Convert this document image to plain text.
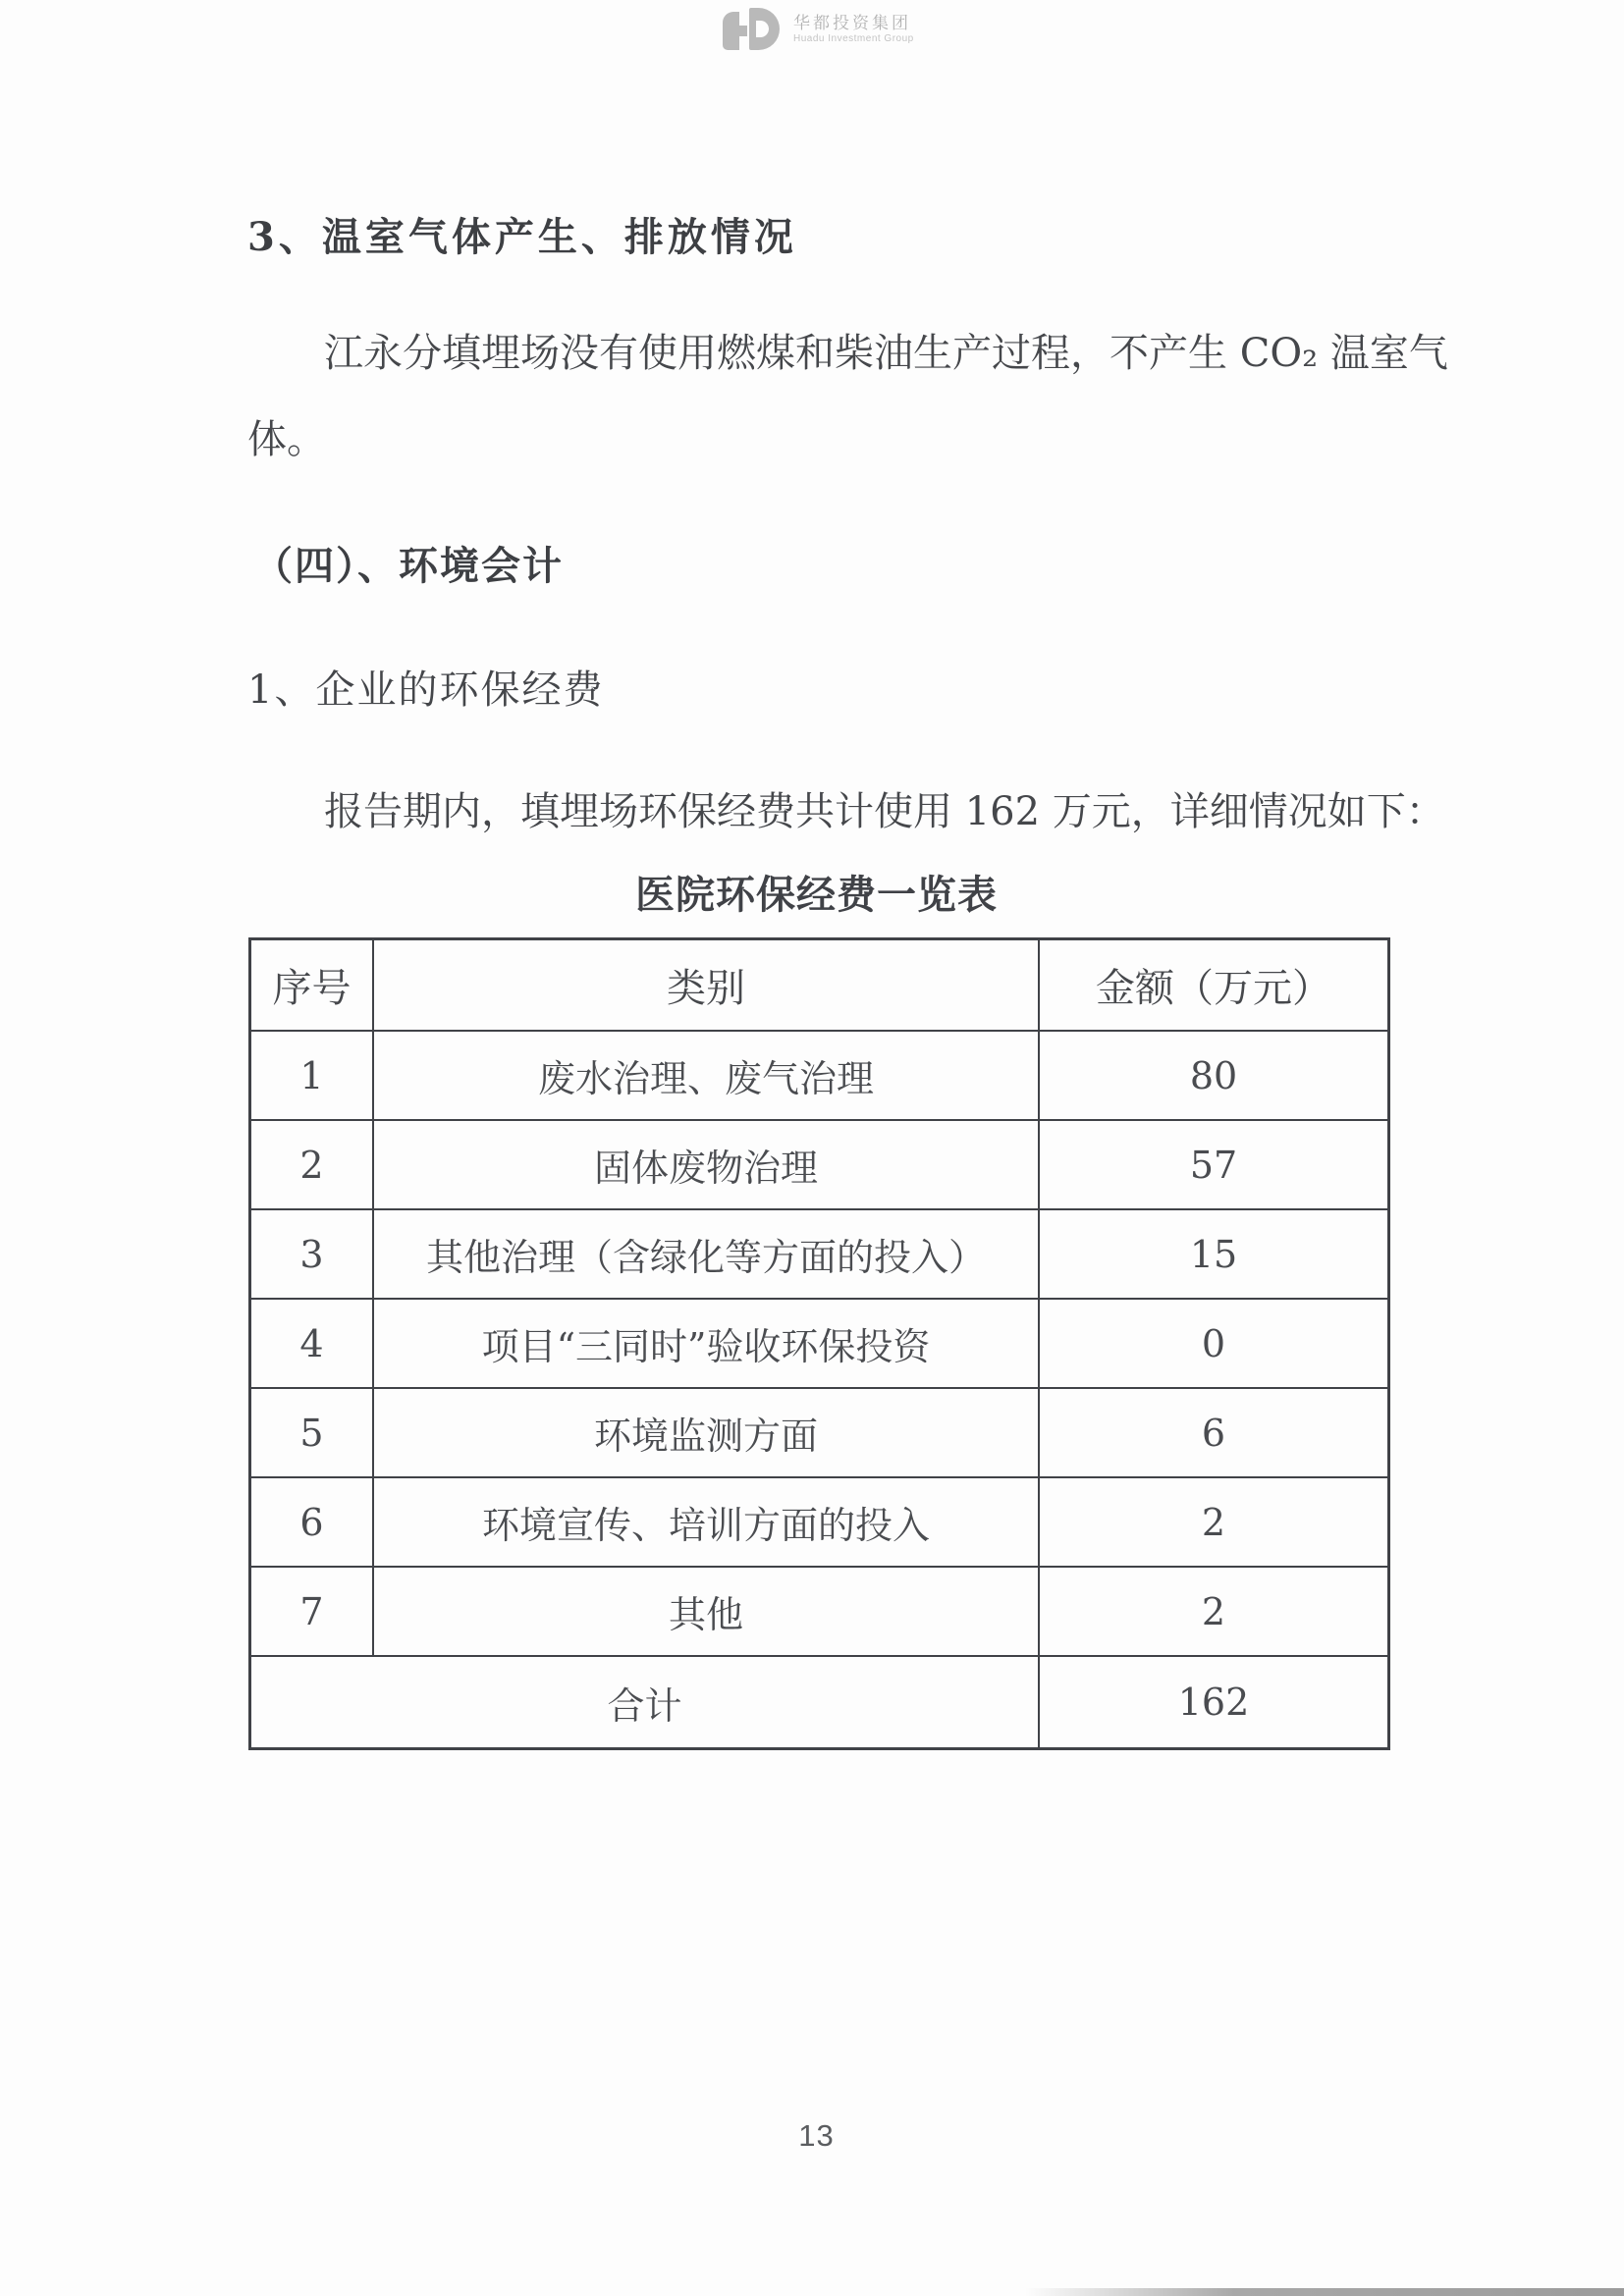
华都投资集团
Huadu Investment Group
3、温室气体产生、排放情况
江永分填埋场没有使用燃煤和柴油生产过程，不产生 CO₂ 温室气
体。
（四）、环境会计
1、企业的环保经费
报告期内，填埋场环保经费共计使用 162 万元，详细情况如下：
医院环保经费一览表
序号	类别	金额（万元）
1	废水治理、废气治理	80
2	固体废物治理	57
3	其他治理（含绿化等方面的投入）	15
4	项目“三同时”验收环保投资	0
5	环境监测方面	6
6	环境宣传、培训方面的投入	2
7	其他	2
合计	162
13
